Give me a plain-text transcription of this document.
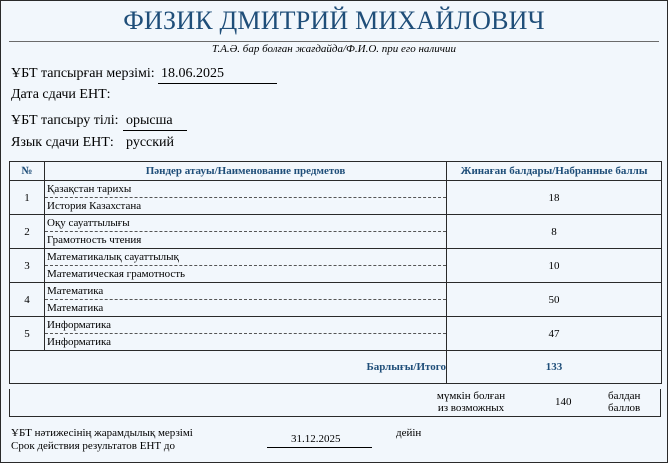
ФИЗИК ДМИТРИЙ МИХАЙЛОВИЧ
Т.А.Ә. бар болған жағдайда/Ф.И.О. при его наличии
ҰБТ тапсырған мерзімі: 18.06.2025
Дата сдачи ЕНТ:
ҰБТ тапсыру тілі: орысша
Язык сдачи ЕНТ: русский
№	Пәндер атауы/Наименование предметов	Жинаған балдары/Набранные баллы
1	Қазақстан тарихы
История Казахстана	18
2	Оқу сауаттылығы
Грамотность чтения	8
3	Математикалық сауаттылық
Математическая грамотность	10
4	Математика
Математика	50
5	Информатика
Информатика	47
Барлығы/Итого		133
мүмкін болған
из возможных	140	балдан
баллов
ҰБТ нәтижесінің жарамдылық мерзімі
Срок действия результатов ЕНТ до
31.12.2025	дейін
